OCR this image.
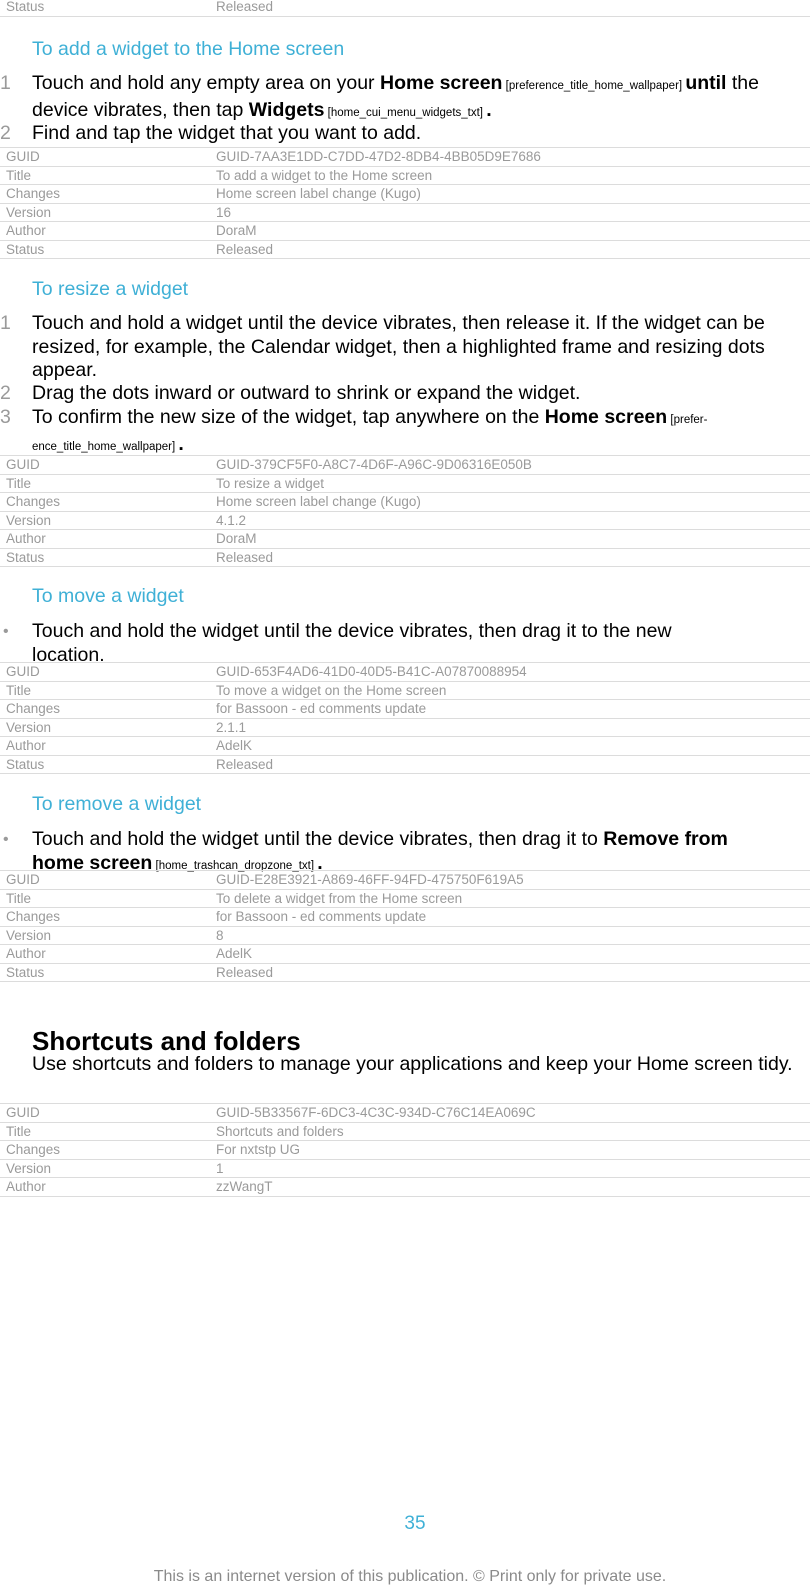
Status	Released
To add a widget to the Home screen
1	Touch and hold any empty area on your Home screen [preference_title_home_wallpaper] until the device vibrates, then tap Widgets [home_cui_menu_widgets_txt] .
2	Find and tap the widget that you want to add.
GUID	GUID-7AA3E1DD-C7DD-47D2-8DB4-4BB05D9E7686
Title	To add a widget to the Home screen
Changes	Home screen label change (Kugo)
Version	16
Author	DoraM
Status	Released
To resize a widget
1	Touch and hold a widget until the device vibrates, then release it. If the widget can be resized, for example, the Calendar widget, then a highlighted frame and resizing dots appear.
2	Drag the dots inward or outward to shrink or expand the widget.
3	To confirm the new size of the widget, tap anywhere on the Home screen [prefer-ence_title_home_wallpaper] .
GUID	GUID-379CF5F0-A8C7-4D6F-A96C-9D06316E050B
Title	To resize a widget
Changes	Home screen label change (Kugo)
Version	4.1.2
Author	DoraM
Status	Released
To move a widget
• Touch and hold the widget until the device vibrates, then drag it to the new location.
GUID	GUID-653F4AD6-41D0-40D5-B41C-A07870088954
Title	To move a widget on the Home screen
Changes	for Bassoon - ed comments update
Version	2.1.1
Author	AdelK
Status	Released
To remove a widget
• Touch and hold the widget until the device vibrates, then drag it to Remove from home screen [home_trashcan_dropzone_txt] .
GUID	GUID-E28E3921-A869-46FF-94FD-475750F619A5
Title	To delete a widget from the Home screen
Changes	for Bassoon - ed comments update
Version	8
Author	AdelK
Status	Released
Shortcuts and folders
Use shortcuts and folders to manage your applications and keep your Home screen tidy.
GUID	GUID-5B33567F-6DC3-4C3C-934D-C76C14EA069C
Title	Shortcuts and folders
Changes	For nxtstp UG
Version	1
Author	zzWangT
35
This is an internet version of this publication. © Print only for private use.
